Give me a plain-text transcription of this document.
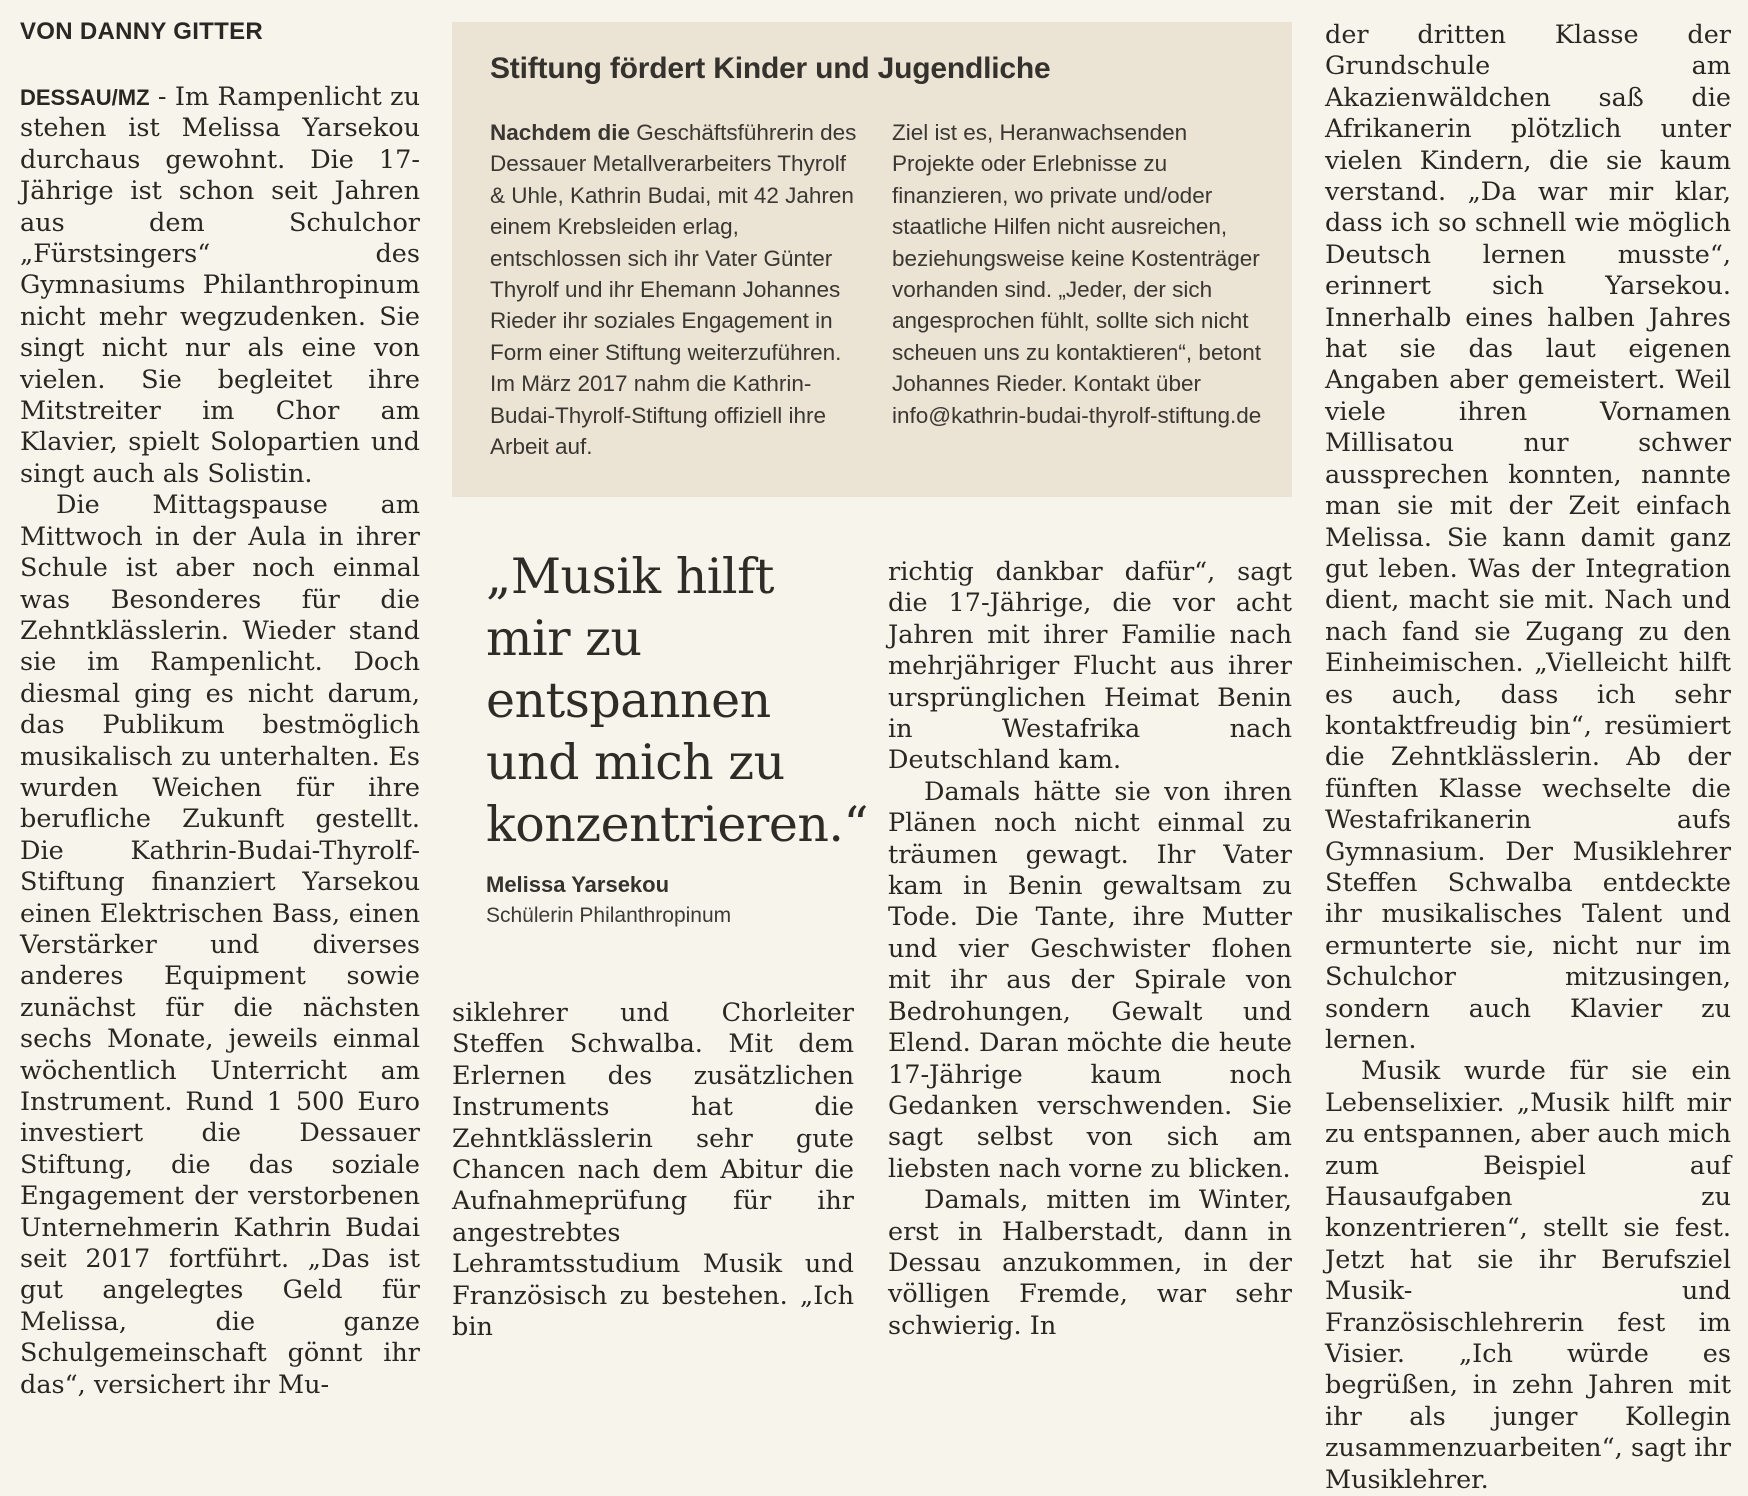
VON DANNY GITTER

DESSAU/MZ - Im Rampenlicht zu stehen ist Melissa Yarsekou durchaus gewohnt. Die 17-Jährige ist schon seit Jahren aus dem Schulchor „Fürstsingers“ des Gymnasiums Philanthropinum nicht mehr wegzudenken. Sie singt nicht nur als eine von vielen. Sie begleitet ihre Mitstreiter im Chor am Klavier, spielt Solopartien und singt auch als Solistin.

Die Mittagspause am Mittwoch in der Aula in ihrer Schule ist aber noch einmal was Besonderes für die Zehntklässlerin. Wieder stand sie im Rampenlicht. Doch diesmal ging es nicht darum, das Publikum bestmöglich musikalisch zu unterhalten. Es wurden Weichen für ihre berufliche Zukunft gestellt. Die Kathrin-Budai-Thyrolf-Stiftung finanziert Yarsekou einen Elektrischen Bass, einen Verstärker und diverses anderes Equipment sowie zunächst für die nächsten sechs Monate, jeweils einmal wöchentlich Unterricht am Instrument. Rund 1 500 Euro investiert die Dessauer Stiftung, die das soziale Engagement der verstorbenen Unternehmerin Kathrin Budai seit 2017 fortführt. „Das ist gut angelegtes Geld für Melissa, die ganze Schulgemeinschaft gönnt ihr das“, versichert ihr Mu-

Stiftung fördert Kinder und Jugendliche

Nachdem die Geschäftsführerin des Dessauer Metallverarbeiters Thyrolf & Uhle, Kathrin Budai, mit 42 Jahren einem Krebsleiden erlag, entschlossen sich ihr Vater Günter Thyrolf und ihr Ehemann Johannes Rieder ihr soziales Engagement in Form einer Stiftung weiterzuführen. Im März 2017 nahm die Kathrin-Budai-Thyrolf-Stiftung offiziell ihre Arbeit auf.

Ziel ist es, Heranwachsenden Projekte oder Erlebnisse zu finanzieren, wo private und/oder staatliche Hilfen nicht ausreichen, beziehungsweise keine Kostenträger vorhanden sind. „Jeder, der sich angesprochen fühlt, sollte sich nicht scheuen uns zu kontaktieren“, betont Johannes Rieder. Kontakt über info@kathrin-budai-thyrolf-stiftung.de

„Musik hilft mir zu entspannen und mich zu konzentrieren.“
Melissa Yarsekou
Schülerin Philanthropinum

siklehrer und Chorleiter Steffen Schwalba. Mit dem Erlernen des zusätzlichen Instruments hat die Zehntklässlerin sehr gute Chancen nach dem Abitur die Aufnahmeprüfung für ihr angestrebtes Lehramtsstudium Musik und Französisch zu bestehen. „Ich bin

richtig dankbar dafür“, sagt die 17-Jährige, die vor acht Jahren mit ihrer Familie nach mehrjähriger Flucht aus ihrer ursprünglichen Heimat Benin in Westafrika nach Deutschland kam.

Damals hätte sie von ihren Plänen noch nicht einmal zu träumen gewagt. Ihr Vater kam in Benin gewaltsam zu Tode. Die Tante, ihre Mutter und vier Geschwister flohen mit ihr aus der Spirale von Bedrohungen, Gewalt und Elend. Daran möchte die heute 17-Jährige kaum noch Gedanken verschwenden. Sie sagt selbst von sich am liebsten nach vorne zu blicken.

Damals, mitten im Winter, erst in Halberstadt, dann in Dessau anzukommen, in der völligen Fremde, war sehr schwierig. In

der dritten Klasse der Grundschule am Akazienwäldchen saß die Afrikanerin plötzlich unter vielen Kindern, die sie kaum verstand. „Da war mir klar, dass ich so schnell wie möglich Deutsch lernen musste“, erinnert sich Yarsekou. Innerhalb eines halben Jahres hat sie das laut eigenen Angaben aber gemeistert. Weil viele ihren Vornamen Millisatou nur schwer aussprechen konnten, nannte man sie mit der Zeit einfach Melissa. Sie kann damit ganz gut leben. Was der Integration dient, macht sie mit. Nach und nach fand sie Zugang zu den Einheimischen. „Vielleicht hilft es auch, dass ich sehr kontaktfreudig bin“, resümiert die Zehntklässlerin. Ab der fünften Klasse wechselte die Westafrikanerin aufs Gymnasium. Der Musiklehrer Steffen Schwalba entdeckte ihr musikalisches Talent und ermunterte sie, nicht nur im Schulchor mitzusingen, sondern auch Klavier zu lernen.

Musik wurde für sie ein Lebenselixier. „Musik hilft mir zu entspannen, aber auch mich zum Beispiel auf Hausaufgaben zu konzentrieren“, stellt sie fest. Jetzt hat sie ihr Berufsziel Musik- und Französischlehrerin fest im Visier. „Ich würde es begrüßen, in zehn Jahren mit ihr als junger Kollegin zusammenzuarbeiten“, sagt ihr Musiklehrer.
